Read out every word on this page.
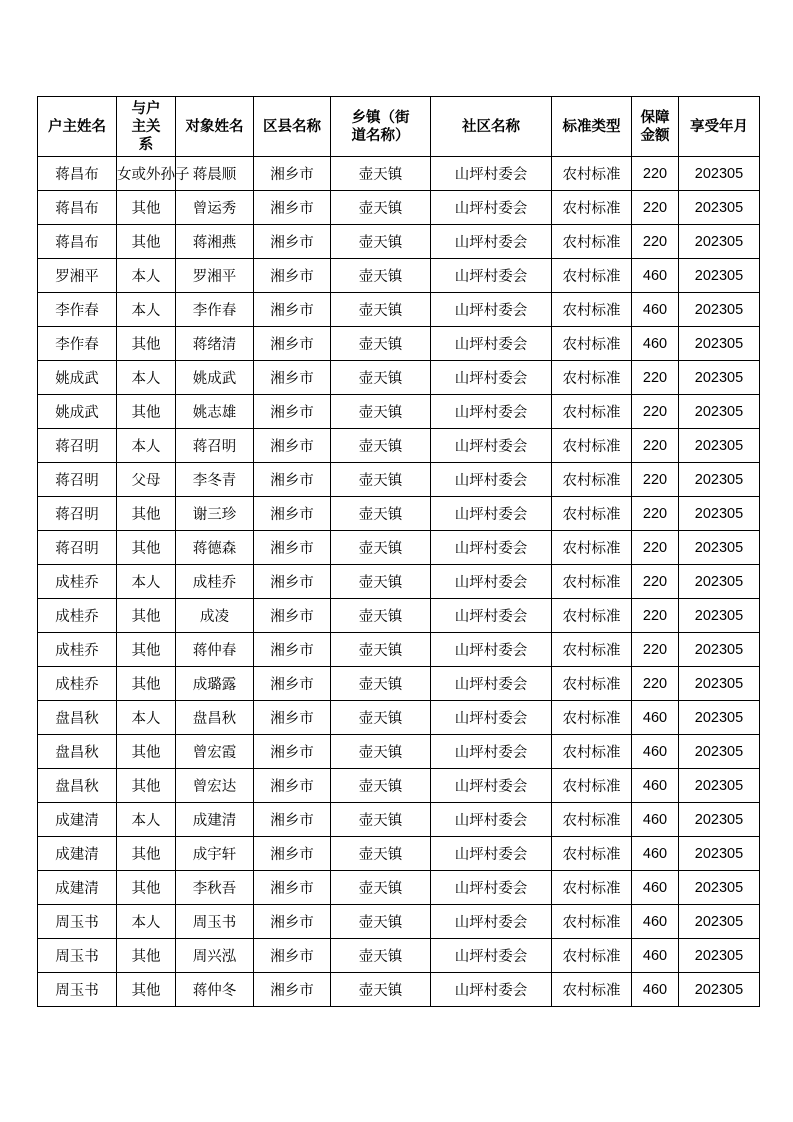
户主姓名	与户主关系	对象姓名	区县名称	乡镇（街道名称）	社区名称	标准类型	保障金额	享受年月
蒋昌布	女或外孙子	蒋晨顺	湘乡市	壶天镇	山坪村委会	农村标准	220	202305
蒋昌布	其他	曾运秀	湘乡市	壶天镇	山坪村委会	农村标准	220	202305
蒋昌布	其他	蒋湘燕	湘乡市	壶天镇	山坪村委会	农村标准	220	202305
罗湘平	本人	罗湘平	湘乡市	壶天镇	山坪村委会	农村标准	460	202305
李作春	本人	李作春	湘乡市	壶天镇	山坪村委会	农村标准	460	202305
李作春	其他	蒋绪清	湘乡市	壶天镇	山坪村委会	农村标准	460	202305
姚成武	本人	姚成武	湘乡市	壶天镇	山坪村委会	农村标准	220	202305
姚成武	其他	姚志雄	湘乡市	壶天镇	山坪村委会	农村标准	220	202305
蒋召明	本人	蒋召明	湘乡市	壶天镇	山坪村委会	农村标准	220	202305
蒋召明	父母	李冬青	湘乡市	壶天镇	山坪村委会	农村标准	220	202305
蒋召明	其他	谢三珍	湘乡市	壶天镇	山坪村委会	农村标准	220	202305
蒋召明	其他	蒋德森	湘乡市	壶天镇	山坪村委会	农村标准	220	202305
成桂乔	本人	成桂乔	湘乡市	壶天镇	山坪村委会	农村标准	220	202305
成桂乔	其他	成凌	湘乡市	壶天镇	山坪村委会	农村标准	220	202305
成桂乔	其他	蒋仲春	湘乡市	壶天镇	山坪村委会	农村标准	220	202305
成桂乔	其他	成璐露	湘乡市	壶天镇	山坪村委会	农村标准	220	202305
盘昌秋	本人	盘昌秋	湘乡市	壶天镇	山坪村委会	农村标准	460	202305
盘昌秋	其他	曾宏霞	湘乡市	壶天镇	山坪村委会	农村标准	460	202305
盘昌秋	其他	曾宏达	湘乡市	壶天镇	山坪村委会	农村标准	460	202305
成建清	本人	成建清	湘乡市	壶天镇	山坪村委会	农村标准	460	202305
成建清	其他	成宇轩	湘乡市	壶天镇	山坪村委会	农村标准	460	202305
成建清	其他	李秋吾	湘乡市	壶天镇	山坪村委会	农村标准	460	202305
周玉书	本人	周玉书	湘乡市	壶天镇	山坪村委会	农村标准	460	202305
周玉书	其他	周兴泓	湘乡市	壶天镇	山坪村委会	农村标准	460	202305
周玉书	其他	蒋仲冬	湘乡市	壶天镇	山坪村委会	农村标准	460	202305
